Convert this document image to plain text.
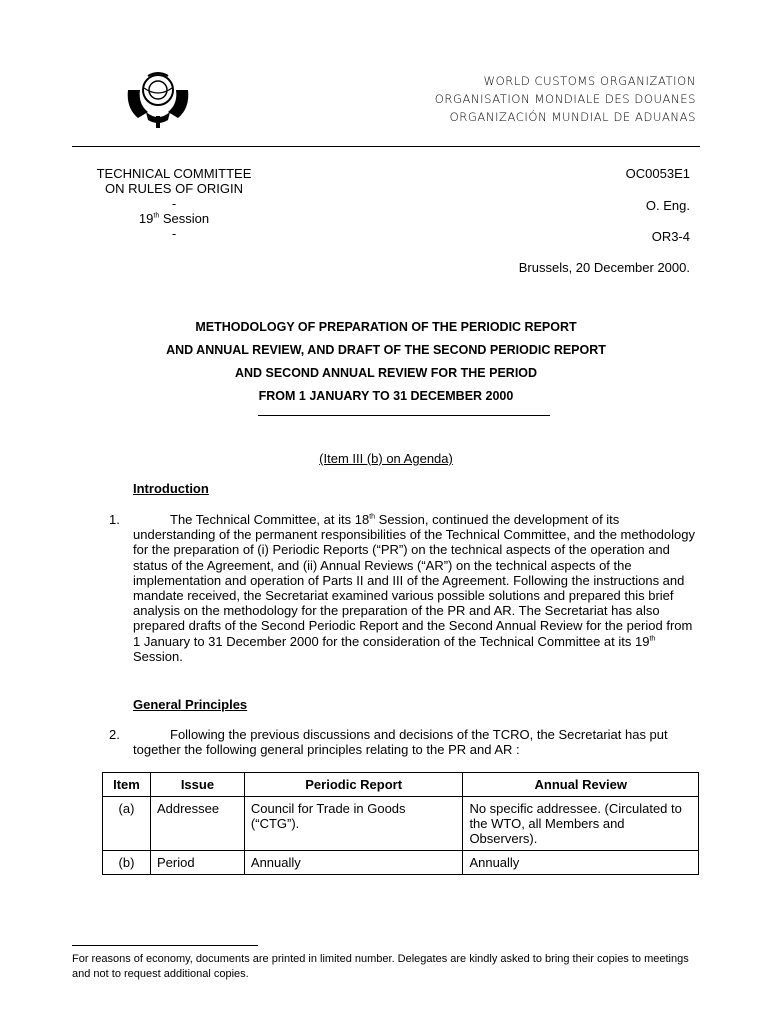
WORLD CUSTOMS ORGANIZATION
ORGANISATION MONDIALE DES DOUANES
ORGANIZACIÓN MUNDIAL DE ADUANAS
TECHNICAL COMMITTEE
ON RULES OF ORIGIN
-
19th Session
-
OC0053E1
O. Eng.
OR3-4
Brussels, 20 December 2000.
METHODOLOGY OF PREPARATION OF THE PERIODIC REPORT
AND ANNUAL REVIEW, AND DRAFT OF THE SECOND PERIODIC REPORT
AND SECOND ANNUAL REVIEW FOR THE PERIOD
FROM 1 JANUARY TO 31 DECEMBER 2000
(Item III (b) on Agenda)
Introduction
1.	The Technical Committee, at its 18th Session, continued the development of its understanding of the permanent responsibilities of the Technical Committee, and the methodology for the preparation of (i) Periodic Reports (“PR”) on the technical aspects of the operation and status of the Agreement, and (ii) Annual Reviews (“AR”) on the technical aspects of the implementation and operation of Parts II and III of the Agreement. Following the instructions and mandate received, the Secretariat examined various possible solutions and prepared this brief analysis on the methodology for the preparation of the PR and AR. The Secretariat has also prepared drafts of the Second Periodic Report and the Second Annual Review for the period from 1 January to 31 December 2000 for the consideration of the Technical Committee at its 19th Session.
General Principles
2.	Following the previous discussions and decisions of the TCRO, the Secretariat has put together the following general principles relating to the PR and AR :
Item	Issue	Periodic Report	Annual Review
(a)	Addressee	Council for Trade in Goods (“CTG”).	No specific addressee. (Circulated to the WTO, all Members and Observers).
(b)	Period	Annually	Annually
For reasons of economy, documents are printed in limited number. Delegates are kindly asked to bring their copies to meetings and not to request additional copies.
